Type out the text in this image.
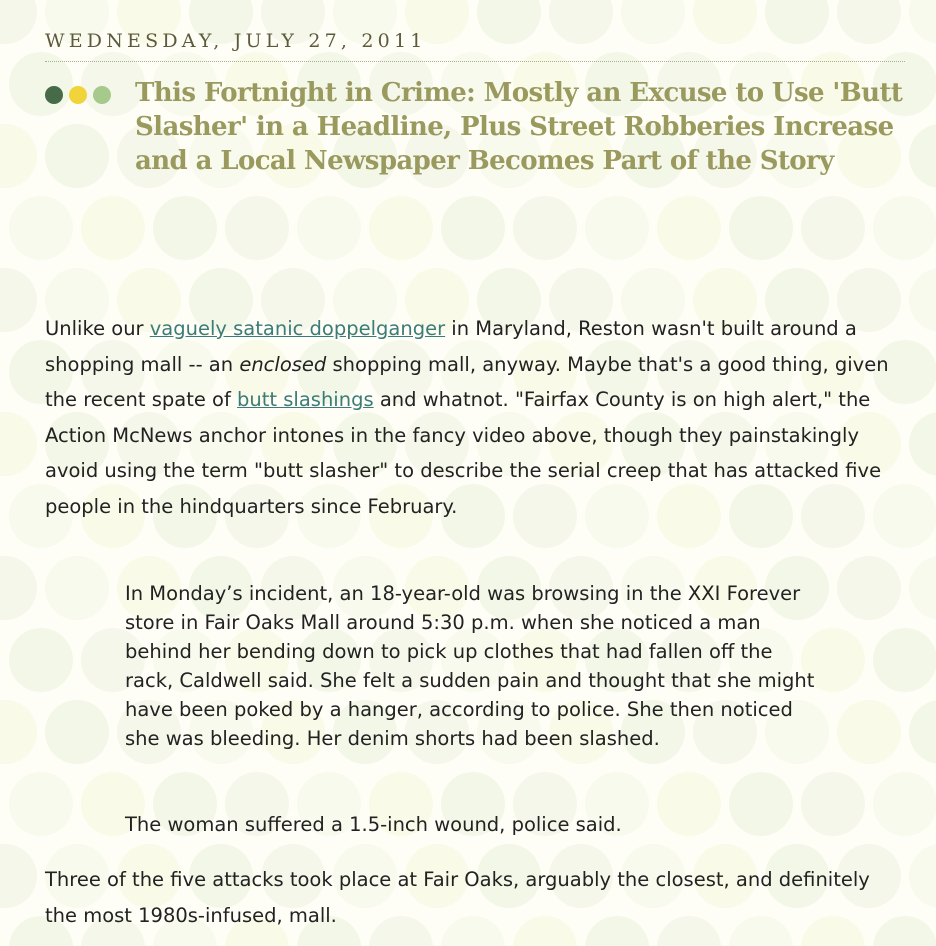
WEDNESDAY, JULY 27, 2011
This Fortnight in Crime: Mostly an Excuse to Use 'Butt Slasher' in a Headline, Plus Street Robberies Increase and a Local Newspaper Becomes Part of the Story

Unlike our vaguely satanic doppelganger in Maryland, Reston wasn't built around a shopping mall -- an enclosed shopping mall, anyway. Maybe that's a good thing, given the recent spate of butt slashings and whatnot. "Fairfax County is on high alert," the Action McNews anchor intones in the fancy video above, though they painstakingly avoid using the term "butt slasher" to describe the serial creep that has attacked five people in the hindquarters since February.

In Monday’s incident, an 18-year-old was browsing in the XXI Forever store in Fair Oaks Mall around 5:30 p.m. when she noticed a man behind her bending down to pick up clothes that had fallen off the rack, Caldwell said. She felt a sudden pain and thought that she might have been poked by a hanger, according to police. She then noticed she was bleeding. Her denim shorts had been slashed.

The woman suffered a 1.5-inch wound, police said.

Three of the five attacks took place at Fair Oaks, arguably the closest, and definitely the most 1980s-infused, mall.
